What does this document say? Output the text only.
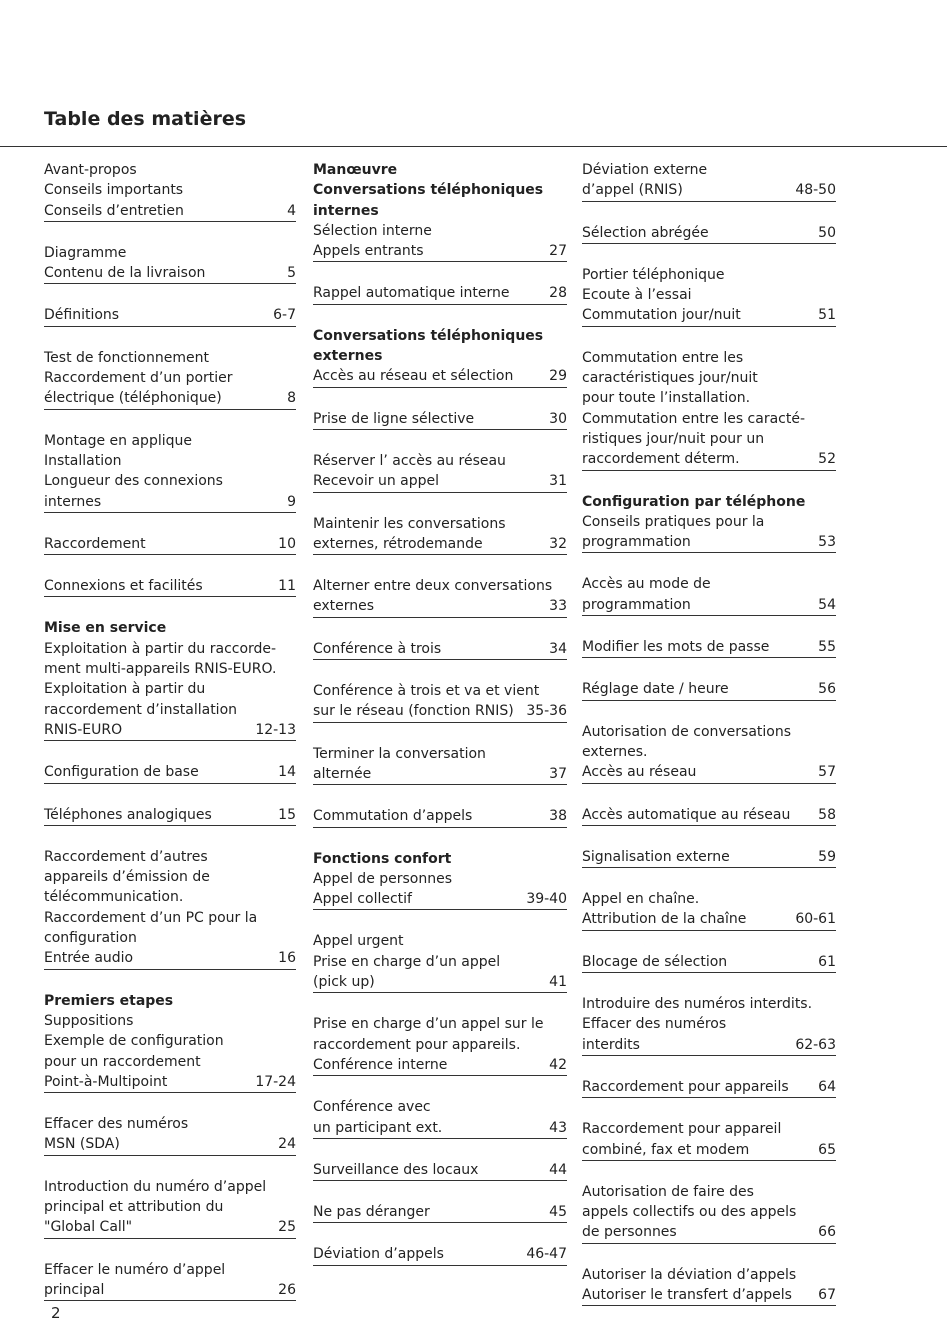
Table des matières
Avant-propos
Conseils importants
Conseils d’entretien	4
Diagramme
Contenu de la livraison	5
Définitions	6-7
Test de fonctionnement
Raccordement d’un portier
électrique (téléphonique)	8
Montage en applique
Installation
Longueur des connexions
internes	9
Raccordement	10
Connexions et facilités	11
Mise en service
Exploitation à partir du raccorde-
ment multi-appareils RNIS-EURO.
Exploitation à partir du
raccordement d’installation
RNIS-EURO	12-13
Configuration de base	14
Téléphones analogiques	15
Raccordement d’autres
appareils d’émission de
télécommunication.
Raccordement d’un PC pour la
configuration
Entrée audio	16
Premiers etapes
Suppositions
Exemple de configuration
pour un raccordement
Point-à-Multipoint	17-24
Effacer des numéros
MSN (SDA)	24
Introduction du numéro d’appel
principal et attribution du
"Global Call"	25
Effacer le numéro d’appel
principal	26
Manœuvre
Conversations téléphoniques
internes
Sélection interne
Appels entrants	27
Rappel automatique interne	28
Conversations téléphoniques
externes
Accès au réseau et sélection	29
Prise de ligne sélective	30
Réserver l’ accès au réseau
Recevoir un appel	31
Maintenir les conversations
externes, rétrodemande	32
Alterner entre deux conversations
externes	33
Conférence à trois	34
Conférence à trois et va et vient
sur le réseau (fonction RNIS) 35-36
Terminer la conversation
alternée	37
Commutation d’appels	38
Fonctions confort
Appel de personnes
Appel collectif	39-40
Appel urgent
Prise en charge d’un appel
(pick up)	41
Prise en charge d’un appel sur le
raccordement pour appareils.
Conférence interne	42
Conférence avec
un participant ext.	43
Surveillance des locaux	44
Ne pas déranger	45
Déviation d’appels	46-47
Déviation externe
d’appel (RNIS)	48-50
Sélection abrégée	50
Portier téléphonique
Ecoute à l’essai
Commutation jour/nuit	51
Commutation entre les
caractéristiques jour/nuit
pour toute l’installation.
Commutation entre les caracté-
ristiques jour/nuit pour un
raccordement déterm.	52
Configuration par téléphone
Conseils pratiques pour la
programmation	53
Accès au mode de
programmation	54
Modifier les mots de passe	55
Réglage date / heure	56
Autorisation de conversations
externes.
Accès au réseau	57
Accès automatique au réseau	58
Signalisation externe	59
Appel en chaîne.
Attribution de la chaîne	60-61
Blocage de sélection	61
Introduire des numéros interdits.
Effacer des numéros
interdits	62-63
Raccordement pour appareils	64
Raccordement pour appareil
combiné, fax et modem	65
Autorisation de faire des
appels collectifs ou des appels
de personnes	66
Autoriser la déviation d’appels
Autoriser le transfert d’appels	67
2
